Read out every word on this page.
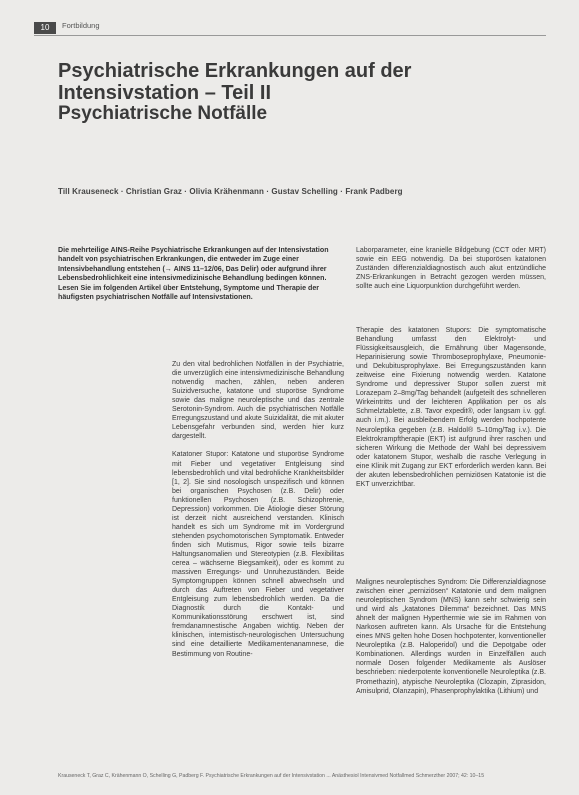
10	Fortbildung
Psychiatrische Erkrankungen auf der Intensivstation – Teil II
Psychiatrische Notfälle
Till Krauseneck · Christian Graz · Olivia Krähenmann · Gustav Schelling · Frank Padberg

Die mehrteilige AINS-Reihe Psychiatrische Erkrankungen auf der Intensivstation handelt von psychiatrischen Erkrankungen, die entweder im Zuge einer Intensivbehandlung entstehen (→ AINS 11–12/06, Das Delir) oder aufgrund ihrer Lebensbedrohlichkeit eine intensivmedizinische Behandlung bedingen können. Lesen Sie im folgenden Artikel über Entstehung, Symptome und Therapie der häufigsten psychiatrischen Notfälle auf Intensivstationen.

Laborparameter, eine kranielle Bildgebung (CCT oder MRT) sowie ein EEG notwendig. Da bei stuporösen katatonen Zuständen differenzialdiagnostisch auch akut entzündliche ZNS-Erkrankungen in Betracht gezogen werden müssen, sollte auch eine Liquorpunktion durchgeführt werden.

Therapie des katatonen Stupors: Die symptomatische Behandlung umfasst den Elektrolyt- und Flüssigkeitsausgleich, die Ernährung über Magensonde, Heparinisierung sowie Thromboseprophylaxe, Pneumonie- und Dekubitusprophylaxe. Bei Erregungszuständen kann zeitweise eine Fixierung notwendig werden. Katatone Syndrome und depressiver Stupor sollen zuerst mit Lorazepam 2–8mg/Tag behandelt (aufgeteilt des schnelleren Wirkeintritts und der leichteren Applikation per os als Schmelztablette, z.B. Tavor expedit®, oder langsam i.v. ggf. auch i.m.). Bei ausbleibendem Erfolg werden hochpotente Neuroleptika gegeben (z.B. Haldol® 5–10mg/Tag i.v.). Die Elektrokrampftherapie (EKT) ist aufgrund ihrer raschen und sicheren Wirkung die Methode der Wahl bei depressivem oder katatonem Stupor, weshalb die rasche Verlegung in eine Klinik mit Zugang zur EKT erforderlich werden kann. Bei der akuten lebensbedrohlichen perniziösen Katatonie ist die EKT unverzichtbar.

Zu den vital bedrohlichen Notfällen in der Psychiatrie, die unverzüglich eine intensivmedizinische Behandlung notwendig machen, zählen, neben anderen Suizidversuche, katatone und stuporöse Syndrome sowie das maligne neuroleptische und das zentrale Serotonin-Syndrom. Auch die psychiatrischen Notfälle Erregungszustand und akute Suizidalität, die mit akuter Lebensgefahr verbunden sind, werden hier kurz dargestellt.

Katatoner Stupor: Katatone und stuporöse Syndrome mit Fieber und vegetativer Entgleisung sind lebensbedrohlich und vital bedrohliche Krankheitsbilder [1, 2]. Sie sind nosologisch unspezifisch und können bei organischen Psychosen (z.B. Delir) oder funktionellen Psychosen (z.B. Schizophrenie, Depression) vorkommen. Die Ätiologie dieser Störung ist derzeit nicht ausreichend verstanden. Klinisch handelt es sich um Syndrome mit im Vordergrund stehenden psychomotorischen Symptomatik. Entweder finden sich Mutismus, Rigor sowie teils bizarre Haltungsanomalien und Stereotypien (z.B. Flexibilitas cerea – wächserne Biegsamkeit), oder es kommt zu massiven Erregungs- und Unruhezuständen. Beide Symptomgruppen können schnell abwechseln und durch das Auftreten von Fieber und vegetativer Entgleisung zum lebensbedrohlich werden. Da die Diagnostik durch die Kontakt- und Kommunikationsstörung erschwert ist, sind fremdanamnestische Angaben wichtig. Neben der klinischen, internistisch-neurologischen Untersuchung sind eine detaillierte Medikamentenanamnese, die Bestimmung von Routine-

Malignes neuroleptisches Syndrom: Die Differenzialdiagnose zwischen einer „perniziösen“ Katatonie und dem malignen neuroleptischen Syndrom (MNS) kann sehr schwierig sein und wird als „katatones Dilemma“ bezeichnet. Das MNS ähnelt der malignen Hyperthermie wie sie im Rahmen von Narkosen auftreten kann. Als Ursache für die Entstehung eines MNS gelten hohe Dosen hochpotenter, konventioneller Neuroleptika (z.B. Haloperidol) und die Depotgabe oder Kombinationen. Allerdings wurden in Einzelfällen auch normale Dosen folgender Medikamente als Auslöser beschrieben: niederpotente konventionelle Neuroleptika (z.B. Promethazin), atypische Neuroleptika (Clozapin, Ziprasidon, Amisulprid, Olanzapin), Phasenprophylaktika (Lithium) und

Krauseneck T, Graz C, Krähenmann O, Schelling G, Padberg F. Psychiatrische Erkrankungen auf der Intensivstation ... Anästhesiol Intensivmed Notfallmed Schmerzther 2007; 42: 10–15
